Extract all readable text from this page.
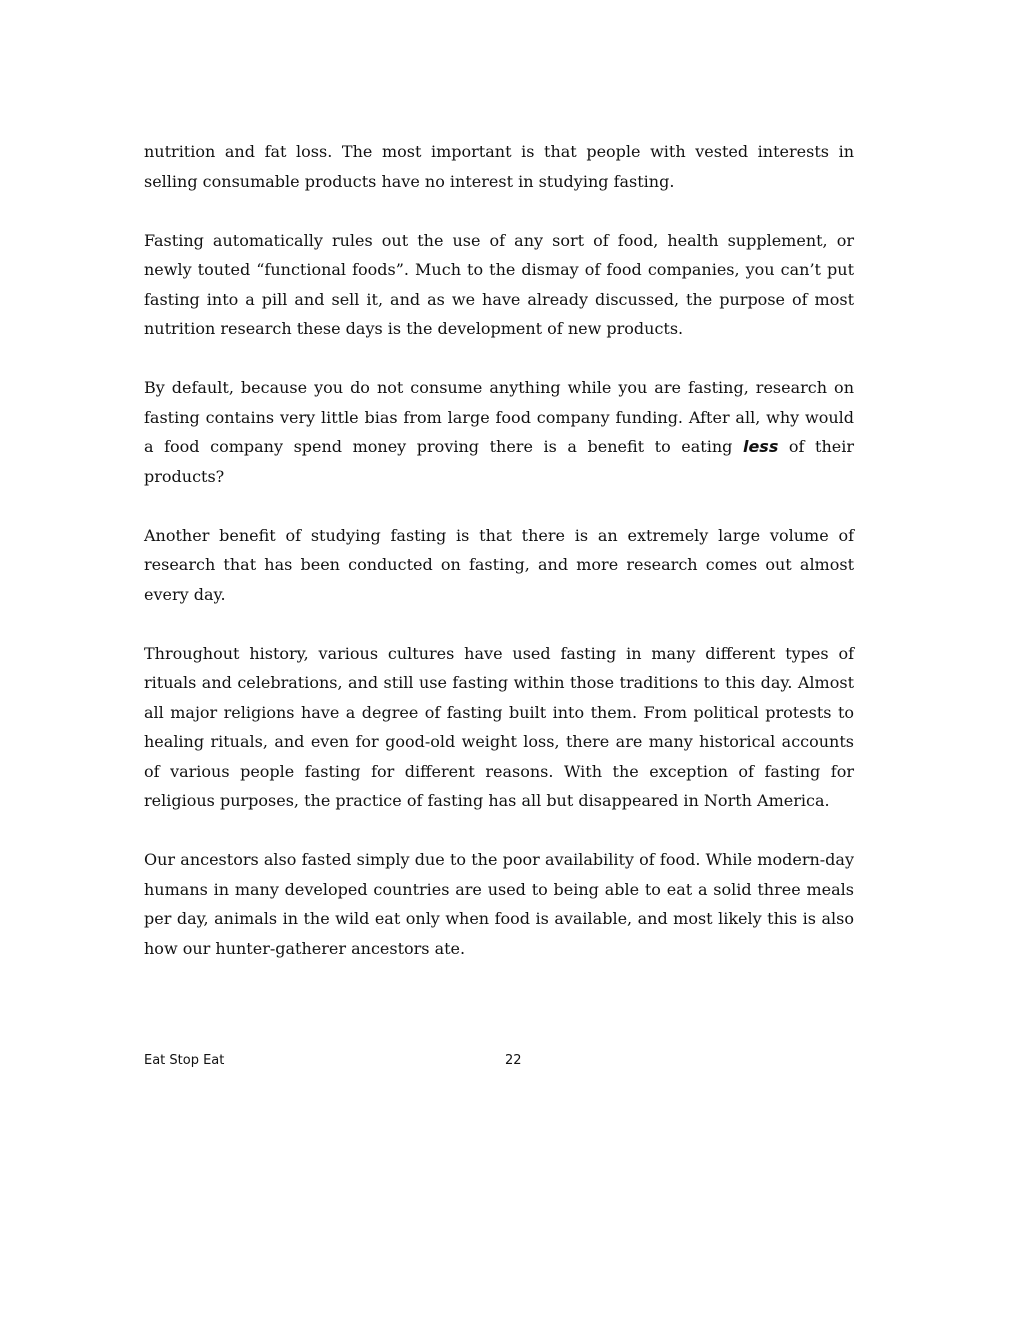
nutrition and fat loss. The most important is that people with vested interests in selling consumable products have no interest in studying fasting.

Fasting automatically rules out the use of any sort of food, health supplement, or newly touted “functional foods”. Much to the dismay of food companies, you can’t put fasting into a pill and sell it, and as we have already discussed, the purpose of most nutrition research these days is the development of new products.

By default, because you do not consume anything while you are fasting, research on fasting contains very little bias from large food company funding. After all, why would a food company spend money proving there is a benefit to eating less of their products?

Another benefit of studying fasting is that there is an extremely large volume of research that has been conducted on fasting, and more research comes out almost every day.

Throughout history, various cultures have used fasting in many different types of rituals and celebrations, and still use fasting within those traditions to this day. Almost all major religions have a degree of fasting built into them. From political protests to healing rituals, and even for good-old weight loss, there are many historical accounts of various people fasting for different reasons. With the exception of fasting for religious purposes, the practice of fasting has all but disappeared in North America.

Our ancestors also fasted simply due to the poor availability of food. While modern-day humans in many developed countries are used to being able to eat a solid three meals per day, animals in the wild eat only when food is available, and most likely this is also how our hunter-gatherer ancestors ate.

Eat Stop Eat	22
